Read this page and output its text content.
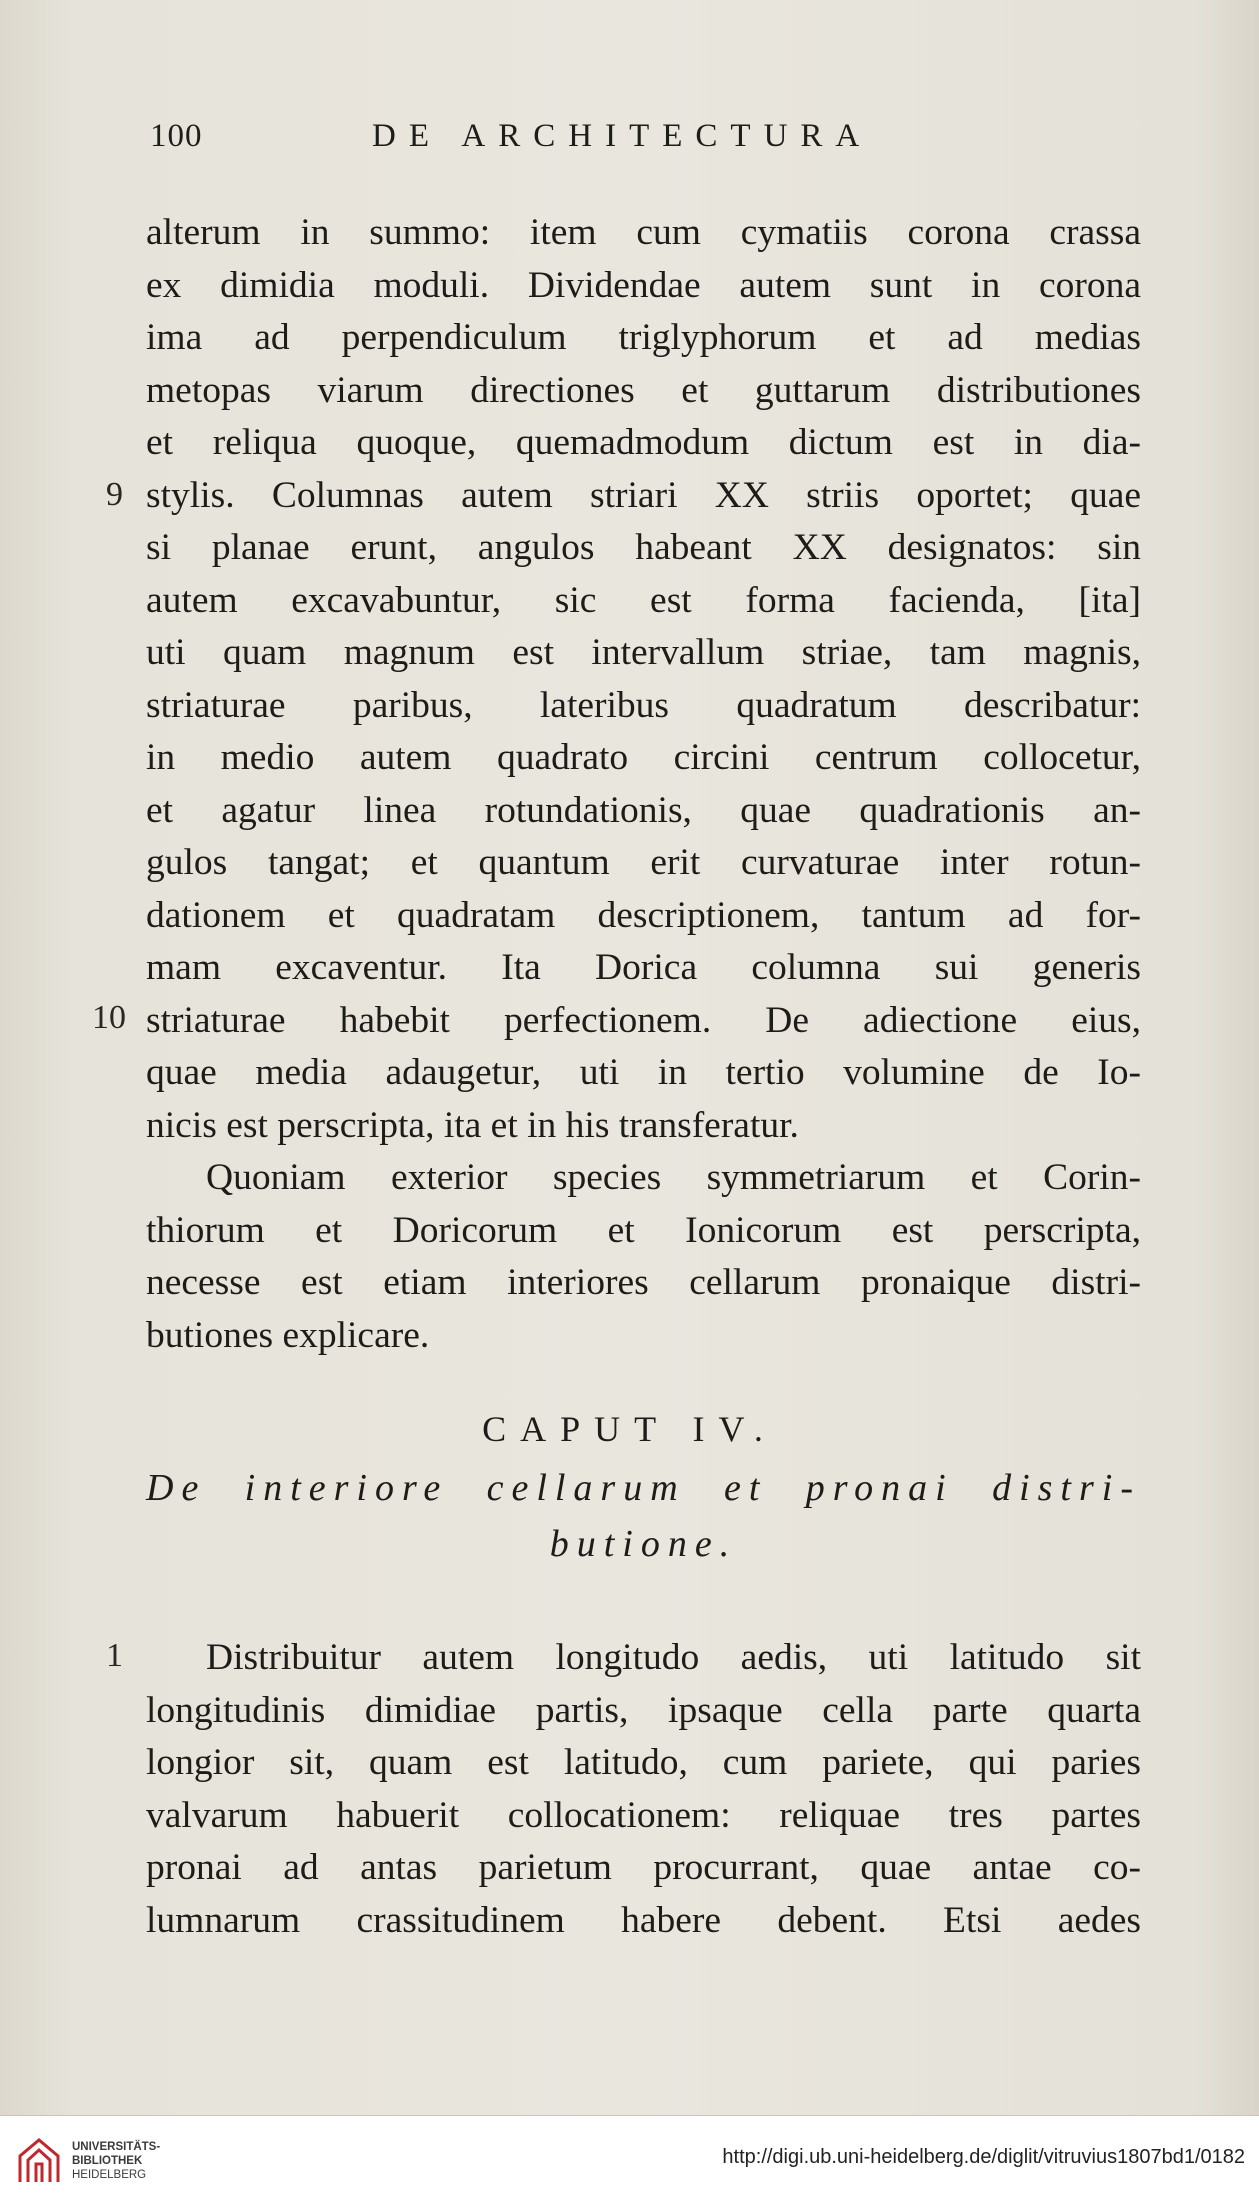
100	DE ARCHITECTURA
alterum in summo: item cum cymatiis corona crassa
ex dimidia moduli. Dividendae autem sunt in corona
ima ad perpendiculum triglyphorum et ad medias
metopas viarum directiones et guttarum distributiones
et reliqua quoque, quemadmodum dictum est in dia-
stylis. Columnas autem striari XX striis oportet; quae
si planae erunt, angulos habeant XX designatos: sin
autem excavabuntur, sic est forma facienda, [ita]
uti quam magnum est intervallum striae, tam magnis,
striaturae paribus, lateribus quadratum describatur:
in medio autem quadrato circini centrum collocetur,
et agatur linea rotundationis, quae quadrationis an-
gulos tangat; et quantum erit curvaturae inter rotun-
dationem et quadratam descriptionem, tantum ad for-
mam excaventur. Ita Dorica columna sui generis
striaturae habebit perfectionem. De adiectione eius,
quae media adaugetur, uti in tertio volumine de Io-
nicis est perscripta, ita et in his transferatur.
9
10
Quoniam exterior species symmetriarum et Corin-
thiorum et Doricorum et Ionicorum est perscripta,
necesse est etiam interiores cellarum pronaique distri-
butiones explicare.
CAPUT IV.
De interiore cellarum et pronai distri-
butione.
1	Distribuitur autem longitudo aedis, uti latitudo sit
longitudinis dimidiae partis, ipsaque cella parte quarta
longior sit, quam est latitudo, cum pariete, qui paries
valvarum habuerit collocationem: reliquae tres partes
pronai ad antas parietum procurrant, quae antae co-
lumnarum crassitudinem habere debent. Etsi aedes
UNIVERSITÄTS-
BIBLIOTHEK
HEIDELBERG
http://digi.ub.uni-heidelberg.de/diglit/vitruvius1807bd1/0182
